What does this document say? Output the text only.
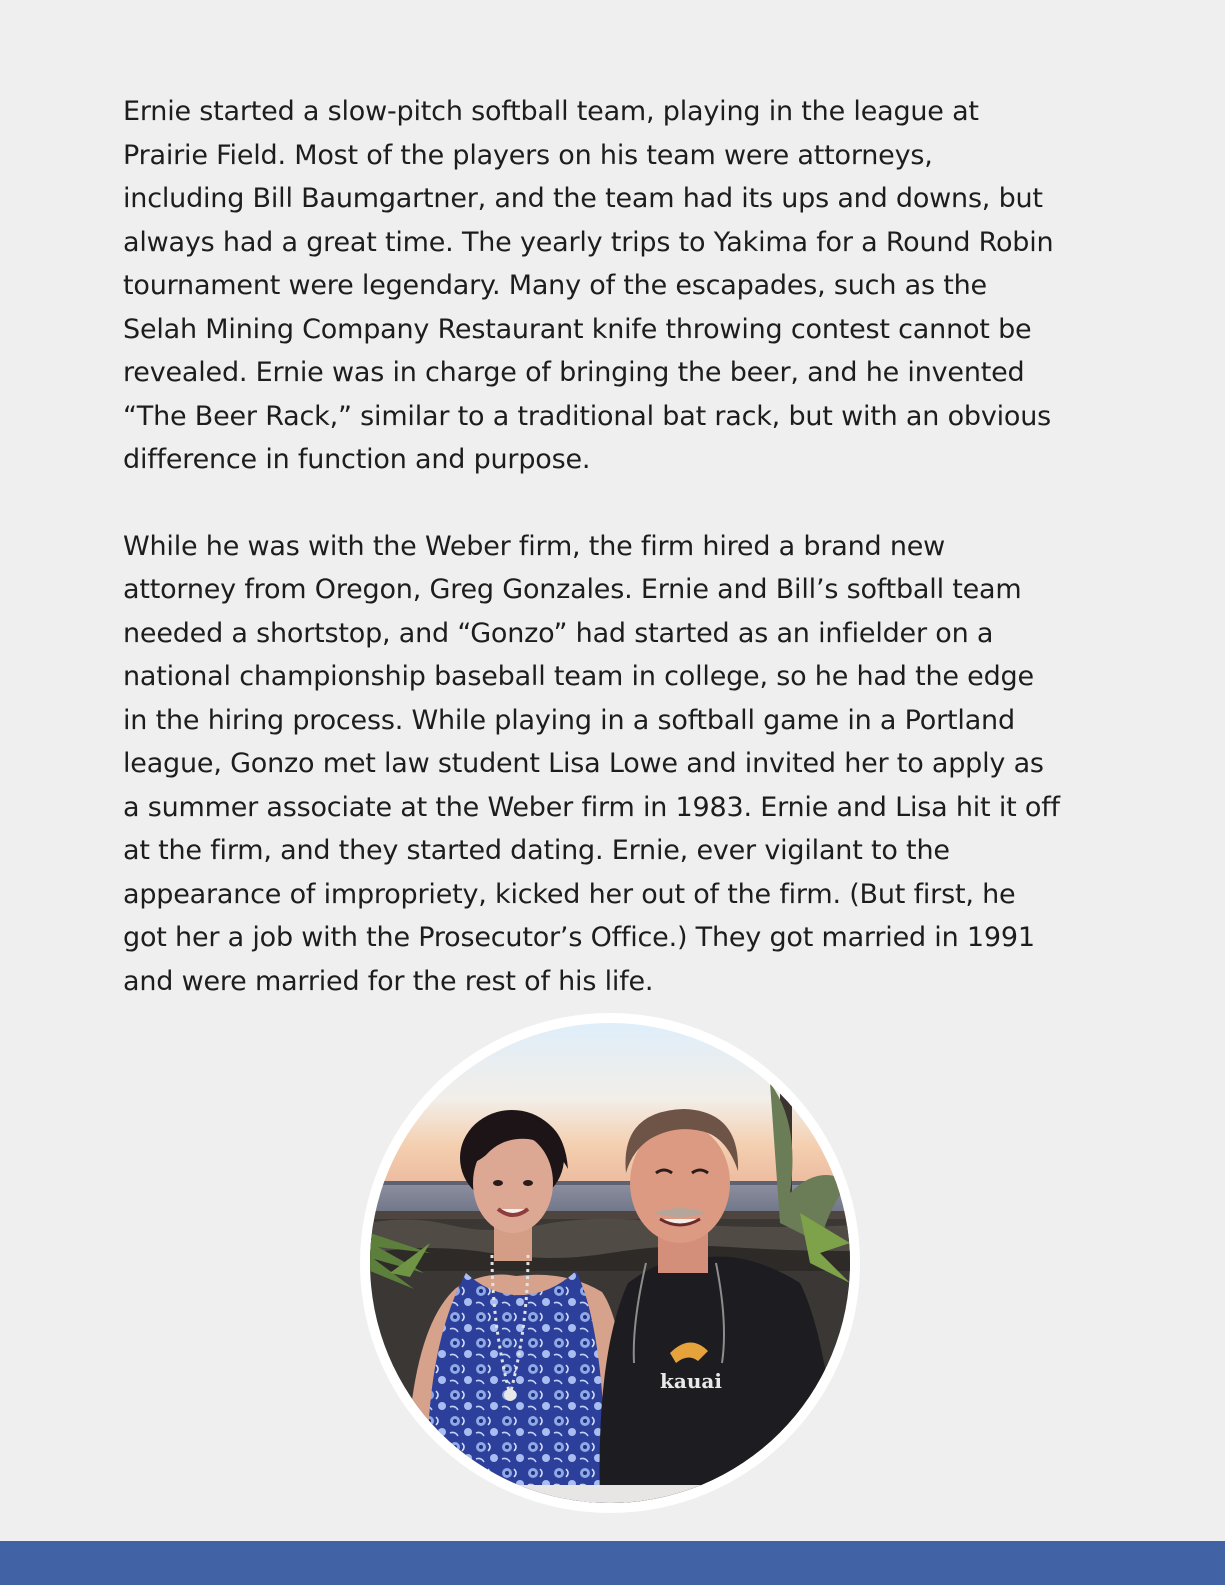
Ernie started a slow-pitch softball team, playing in the league at
Prairie Field. Most of the players on his team were attorneys,
including Bill Baumgartner, and the team had its ups and downs, but
always had a great time. The yearly trips to Yakima for a Round Robin
tournament were legendary. Many of the escapades, such as the
Selah Mining Company Restaurant knife throwing contest cannot be
revealed. Ernie was in charge of bringing the beer, and he invented
“The Beer Rack,” similar to a traditional bat rack, but with an obvious
difference in function and purpose.

While he was with the Weber firm, the firm hired a brand new
attorney from Oregon, Greg Gonzales. Ernie and Bill’s softball team
needed a shortstop, and “Gonzo” had started as an infielder on a
national championship baseball team in college, so he had the edge
in the hiring process. While playing in a softball game in a Portland
league, Gonzo met law student Lisa Lowe and invited her to apply as
a summer associate at the Weber firm in 1983. Ernie and Lisa hit it off
at the firm, and they started dating. Ernie, ever vigilant to the
appearance of impropriety, kicked her out of the firm. (But first, he
got her a job with the Prosecutor’s Office.) They got married in 1991
and were married for the rest of his life.

kauai
